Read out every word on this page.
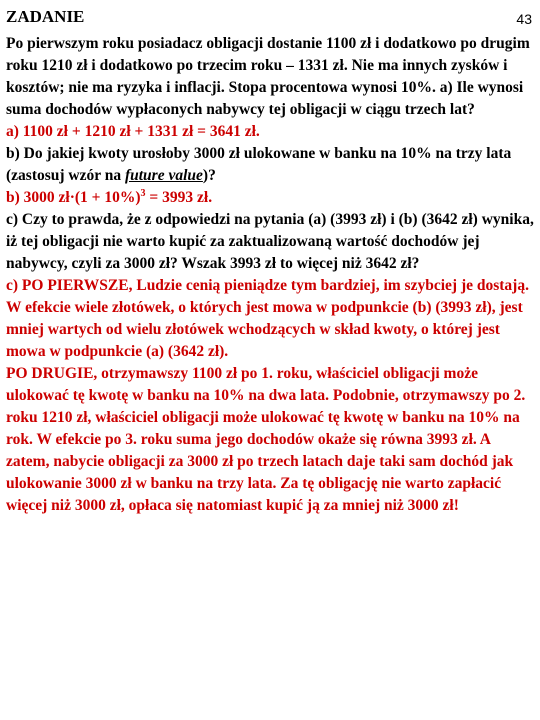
ZADANIE	43

Po pierwszym roku posiadacz obligacji dostanie 1100 zł i dodatkowo po drugim roku 1210 zł i dodatkowo po trzecim roku – 1331 zł. Nie ma innych zysków i kosztów; nie ma ryzyka i inflacji. Stopa procentowa wynosi 10%. a) Ile wynosi suma dochodów wypłaconych nabywcy tej obligacji w ciągu trzech lat?

a) 1100 zł + 1210 zł + 1331 zł = 3641 zł.

b) Do jakiej kwoty urosłoby 3000 zł ulokowane w banku na 10% na trzy lata (zastosuj wzór na future value)?

b) 3000 zł·(1 + 10%)$^3$ = 3993 zł.

c) Czy to prawda, że z odpowiedzi na pytania (a) (3993 zł) i (b) (3642 zł) wynika, iż tej obligacji nie warto kupić za zaktualizowaną wartość dochodów jej nabywcy, czyli za 3000 zł? Wszak 3993 zł to więcej niż 3642 zł?

c) PO PIERWSZE, Ludzie cenią pieniądze tym bardziej, im szybciej je dostają. W efekcie wiele złotówek, o których jest mowa w podpunkcie (b) (3993 zł), jest mniej wartych od wielu złotówek wchodzących w skład kwoty, o której jest mowa w podpunkcie (a) (3642 zł).

PO DRUGIE, otrzymawszy 1100 zł po 1. roku, właściciel obligacji może ulokować tę kwotę w banku na 10% na dwa lata. Podobnie, otrzymawszy po 2. roku 1210 zł, właściciel obligacji może ulokować tę kwotę w banku na 10% na rok. W efekcie po 3. roku suma jego dochodów okaże się równa 3993 zł. A zatem, nabycie obligacji za 3000 zł po trzech latach daje taki sam dochód jak ulokowanie 3000 zł w banku na trzy lata. Za tę obligację nie warto zapłacić więcej niż 3000 zł, opłaca się natomiast kupić ją za mniej niż 3000 zł!
